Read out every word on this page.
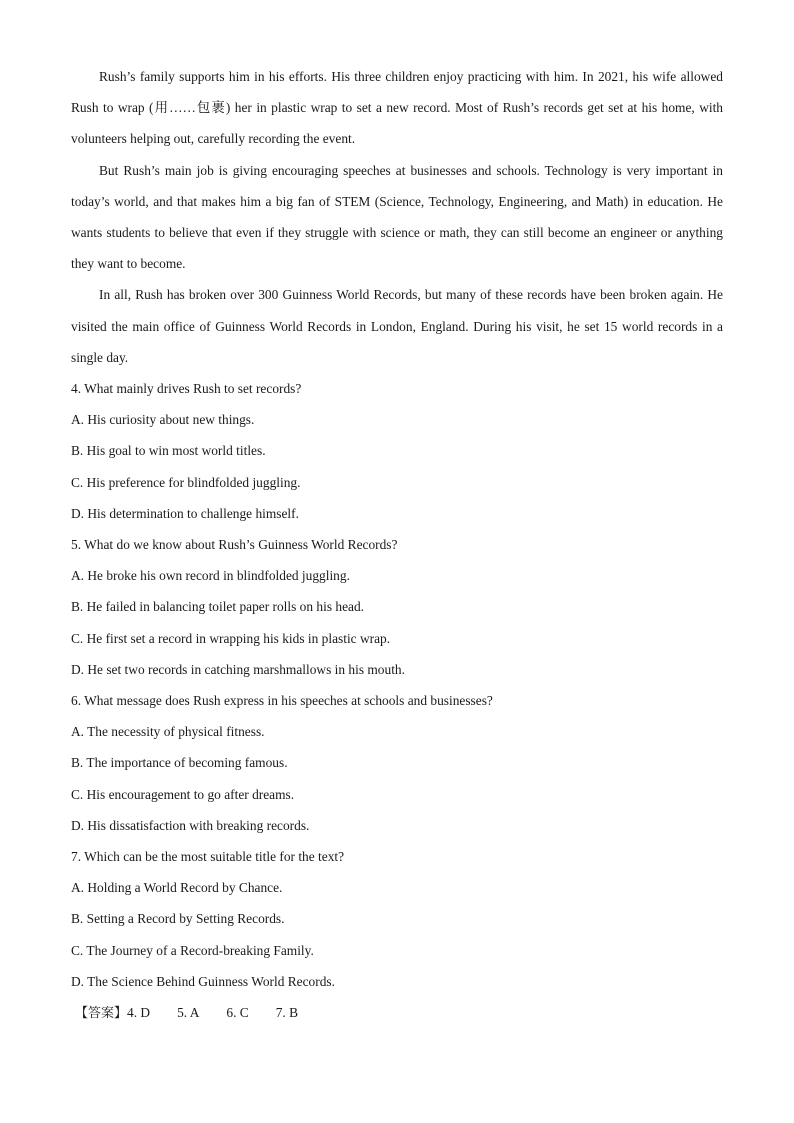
Rush’s family supports him in his efforts. His three children enjoy practicing with him. In 2021, his wife allowed Rush to wrap (用……包裹) her in plastic wrap to set a new record. Most of Rush’s records get set at his home, with volunteers helping out, carefully recording the event.

But Rush’s main job is giving encouraging speeches at businesses and schools. Technology is very important in today’s world, and that makes him a big fan of STEM (Science, Technology, Engineering, and Math) in education. He wants students to believe that even if they struggle with science or math, they can still become an engineer or anything they want to become.

In all, Rush has broken over 300 Guinness World Records, but many of these records have been broken again. He visited the main office of Guinness World Records in London, England. During his visit, he set 15 world records in a single day.

4. What mainly drives Rush to set records?

A. His curiosity about new things.

B. His goal to win most world titles.

C. His preference for blindfolded juggling.

D. His determination to challenge himself.

5. What do we know about Rush’s Guinness World Records?

A. He broke his own record in blindfolded juggling.

B. He failed in balancing toilet paper rolls on his head.

C. He first set a record in wrapping his kids in plastic wrap.

D. He set two records in catching marshmallows in his mouth.

6. What message does Rush express in his speeches at schools and businesses?

A. The necessity of physical fitness.

B. The importance of becoming famous.

C. His encouragement to go after dreams.

D. His dissatisfaction with breaking records.

7. Which can be the most suitable title for the text?

A. Holding a World Record by Chance.

B. Setting a Record by Setting Records.

C. The Journey of a Record-breaking Family.

D. The Science Behind Guinness World Records.

【答案】4. D 5. A 6. C 7. B
